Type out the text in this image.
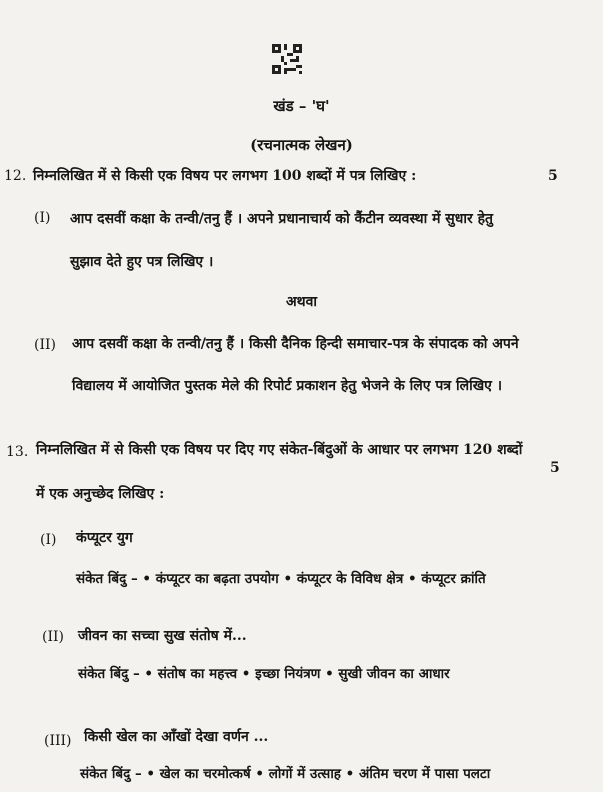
खंड – 'घ'
(रचनात्मक लेखन)
12. निम्नलिखित में से किसी एक विषय पर लगभग 100 शब्दों में पत्र लिखिए :	5
(I) आप दसवीं कक्षा के तन्वी/तनु हैं । अपने प्रधानाचार्य को कैंटीन व्यवस्था में सुधार हेतु
सुझाव देते हुए पत्र लिखिए ।
अथवा
(II) आप दसवीं कक्षा के तन्वी/तनु हैं । किसी दैनिक हिन्दी समाचार-पत्र के संपादक को अपने
विद्यालय में आयोजित पुस्तक मेले की रिपोर्ट प्रकाशन हेतु भेजने के लिए पत्र लिखिए ।
13. निम्नलिखित में से किसी एक विषय पर दिए गए संकेत-बिंदुओं के आधार पर लगभग 120 शब्दों
5
में एक अनुच्छेद लिखिए :
(I) कंप्यूटर युग
संकेत बिंदु – • कंप्यूटर का बढ़ता उपयोग • कंप्यूटर के विविध क्षेत्र • कंप्यूटर क्रांति
(II) जीवन का सच्चा सुख संतोष में...
संकेत बिंदु – • संतोष का महत्त्व • इच्छा नियंत्रण • सुखी जीवन का आधार
(III) किसी खेल का आँखों देखा वर्णन ...
संकेत बिंदु – • खेल का चरमोत्कर्ष • लोगों में उत्साह • अंतिम चरण में पासा पलटा
